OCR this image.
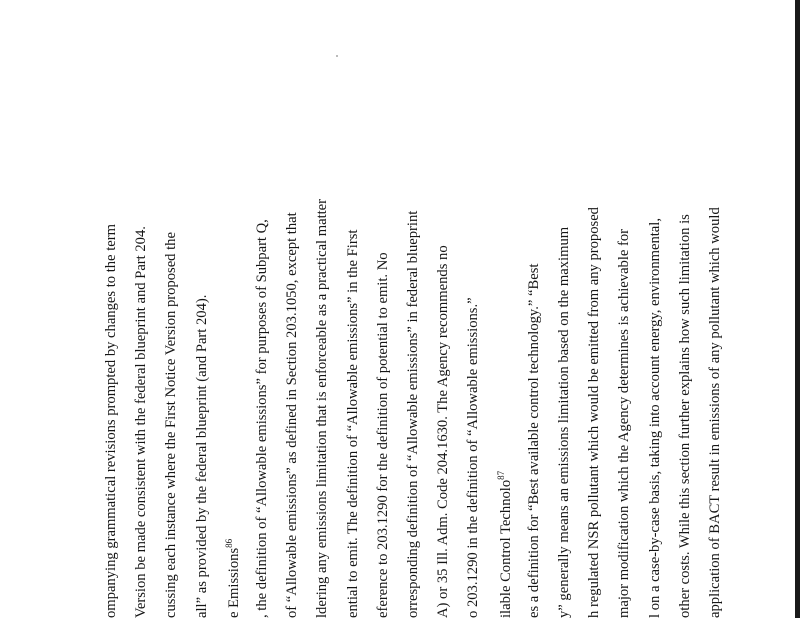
ompanying grammatical revisions prompted by changes to the term Version be made consistent with the federal blueprint and Part 204. cussing each instance where the First Notice Version proposed the all” as provided by the federal blueprint (and Part 204). e Emissions$^{86}$	, the definition of “Allowable emissions” for purposes of Subpart Q, of “Allowable emissions” as defined in Section 203.1050, except that ldering any emissions limitation that is enforceable as a practical matter ential to emit. The definition of “Allowable emissions” in the First eference to 203.1290 for the definition of potential to emit. No orresponding definition of “Allowable emissions” in federal blueprint A) or 35 Ill. Adm. Code 204.1630. The Agency recommends no o 203.1290 in the definition of “Allowable emissions.” ilable Control Technolo$^{87}$	es a definition for “Best available control technology.” “Best y” generally means an emissions limitation based on the maximum h regulated NSR pollutant which would be emitted from any proposed major modification which the Agency determines is achievable for l on a case-by-case basis, taking into account energy, environmental, other costs. While this section further explains how such limitation is application of BACT result in emissions of any pollutant which would
